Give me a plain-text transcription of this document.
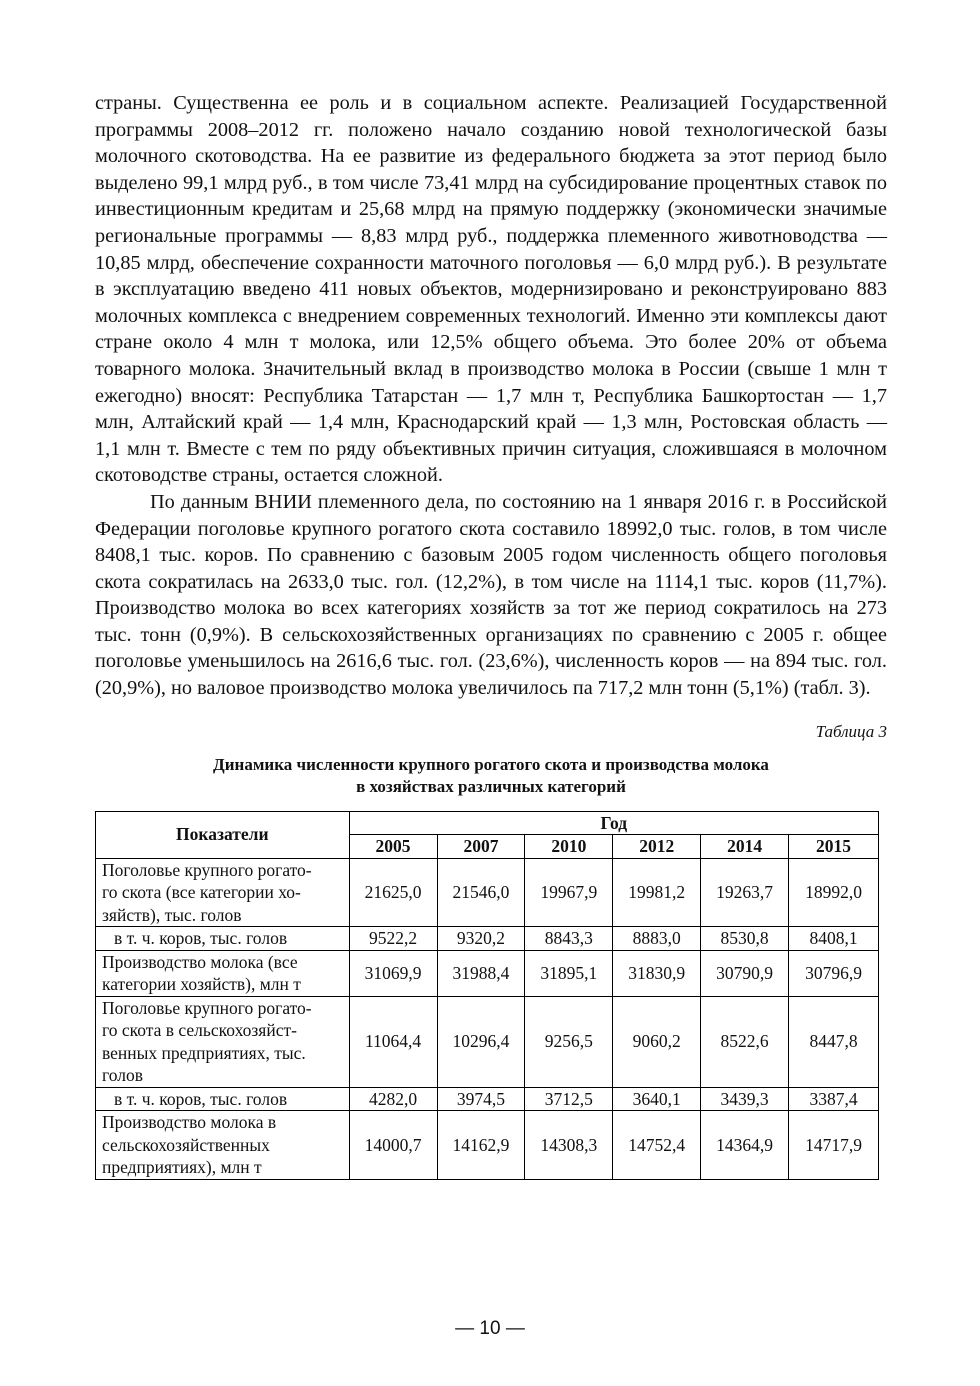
страны. Существенна ее роль и в социальном аспекте. Реализацией Государственной программы 2008–2012 гг. положено начало созданию новой технологической базы молочного скотоводства. На ее развитие из федерального бюджета за этот период было выделено 99,1 млрд руб., в том числе 73,41 млрд на субсидирование процентных ставок по инвестиционным кредитам и 25,68 млрд на прямую поддержку (экономически значимые региональные программы — 8,83 млрд руб., поддержка племенного животноводства — 10,85 млрд, обеспечение сохранности маточного поголовья — 6,0 млрд руб.). В результате в эксплуатацию введено 411 новых объектов, модернизировано и реконструировано 883 молочных комплекса с внедрением современных технологий. Именно эти комплексы дают стране около 4 млн т молока, или 12,5% общего объема. Это более 20% от объема товарного молока. Значительный вклад в производство молока в России (свыше 1 млн т ежегодно) вносят: Республика Татарстан — 1,7 млн т, Республика Башкортостан — 1,7 млн, Алтайский край — 1,4 млн, Краснодарский край — 1,3 млн, Ростовская область — 1,1 млн т. Вместе с тем по ряду объективных причин ситуация, сложившаяся в молочном скотоводстве страны, остается сложной.

По данным ВНИИ племенного дела, по состоянию на 1 января 2016 г. в Российской Федерации поголовье крупного рогатого скота составило 18992,0 тыс. голов, в том числе 8408,1 тыс. коров. По сравнению с базовым 2005 годом численность общего поголовья скота сократилась на 2633,0 тыс. гол. (12,2%), в том числе на 1114,1 тыс. коров (11,7%). Производство молока во всех категориях хозяйств за тот же период сократилось на 273 тыс. тонн (0,9%). В сельскохозяйственных организациях по сравнению с 2005 г. общее поголовье уменьшилось на 2616,6 тыс. гол. (23,6%), численность коров — на 894 тыс. гол. (20,9%), но валовое производство молока увеличилось па 717,2 млн тонн (5,1%) (табл. 3).

Таблица 3

Динамика численности крупного рогатого скота и производства молока
в хозяйствах различных категорий
Показатели	Год					
	2005	2007	2010	2012	2014	2015

Поголовье крупного рогато-
го скота (все категории хо-
зяйств), тыс. голов	21625,0	21546,0	19967,9	19981,2	19263,7	18992,0

в т. ч. коров, тыс. голов	9522,2	9320,2	8843,3	8883,0	8530,8	8408,1

Производство молока (все
категории хозяйств), млн т	31069,9	31988,4	31895,1	31830,9	30790,9	30796,9

Поголовье крупного рогато-
го скота в сельскохозяйст-
венных предприятиях, тыс.
голов	11064,4	10296,4	9256,5	9060,2	8522,6	8447,8

в т. ч. коров, тыс. голов	4282,0	3974,5	3712,5	3640,1	3439,3	3387,4

Производство молока в
сельскохозяйственных
предприятиях), млн т	14000,7	14162,9	14308,3	14752,4	14364,9	14717,9
— 10 —
